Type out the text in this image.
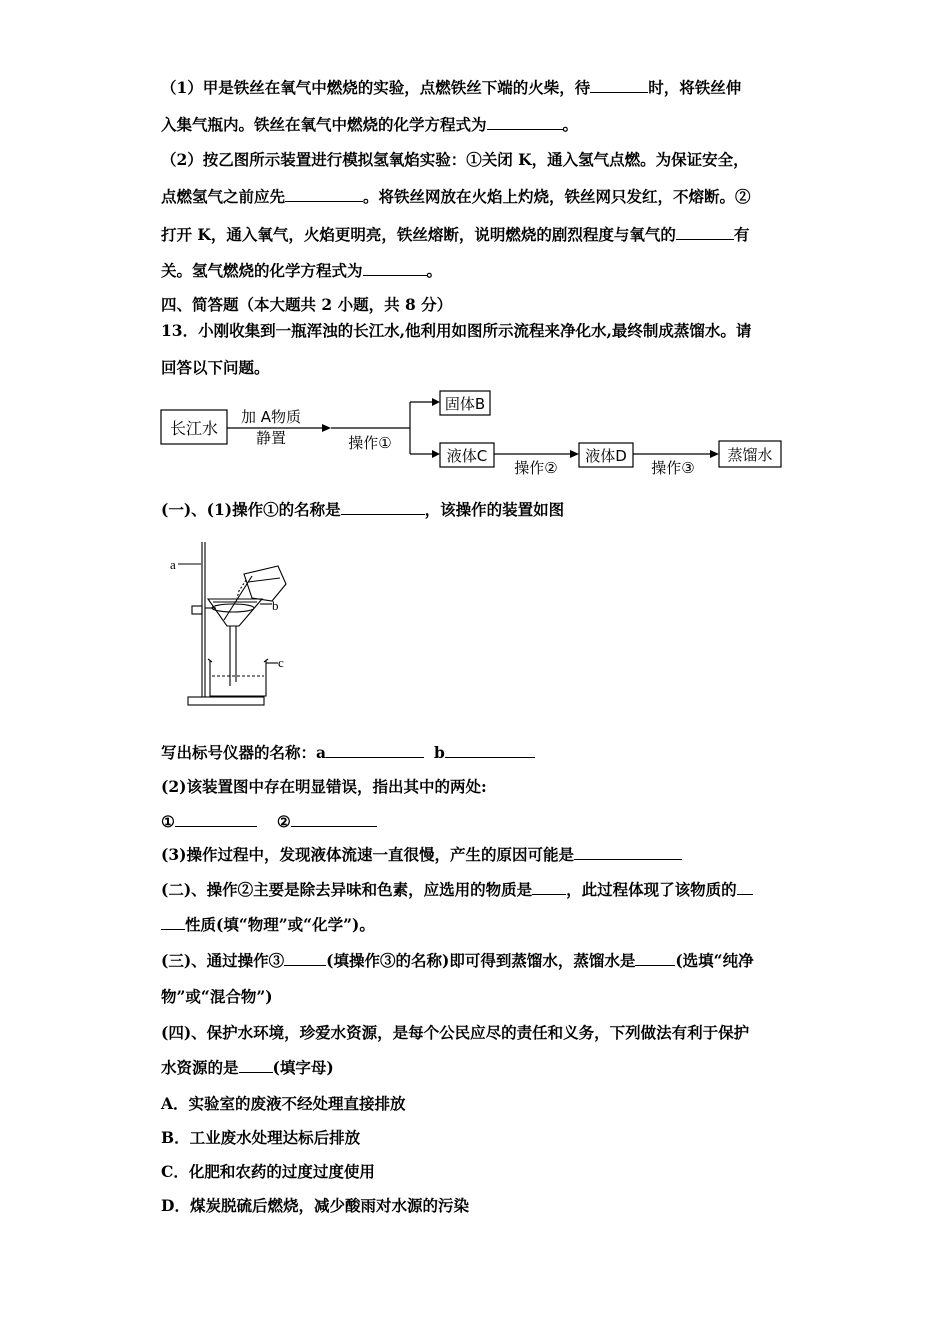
（1）甲是铁丝在氧气中燃烧的实验，点燃铁丝下端的火柴，待	时，将铁丝伸
入集气瓶内。铁丝在氧气中燃烧的化学方程式为	。
（2）按乙图所示装置进行模拟氢氧焰实验：①关闭 K，通入氢气点燃。为保证安全，
点燃氢气之前应先	。将铁丝网放在火焰上灼烧，铁丝网只发红，不熔断。②
打开 K，通入氧气，火焰更明亮，铁丝熔断，说明燃烧的剧烈程度与氧气的	有
关。氢气燃烧的化学方程式为	。
四、简答题（本大题共 2 小题，共 8 分）
13．小刚收集到一瓶浑浊的长江水,他利用如图所示流程来净化水,最终制成蒸馏水。请
回答以下问题。
长江水
加 A物质
静置	操作①
固体B
液体C
操作②
液体D
操作③
蒸馏水
(一)、(1)操作①的名称是	，该操作的装置如图
a
b
c
写出标号仪器的名称：a	b
(2)该装置图中存在明显错误，指出其中的两处:
①	②
(3)操作过程中，发现液体流速一直很慢，产生的原因可能是
(二)、操作②主要是除去异味和色素，应选用的物质是 ，此过程体现了该物质的
性质(填“物理”或“化学”)。
(三)、通过操作③	(填操作③的名称)即可得到蒸馏水，蒸馏水是	(选填“纯净
物”或“混合物”)
(四)、保护水环境，珍爱水资源，是每个公民应尽的责任和义务，下列做法有利于保护
水资源的是 (填字母)
A．实验室的废液不经处理直接排放
B．工业废水处理达标后排放
C．化肥和农药的过度过度使用
D．煤炭脱硫后燃烧，减少酸雨对水源的污染
